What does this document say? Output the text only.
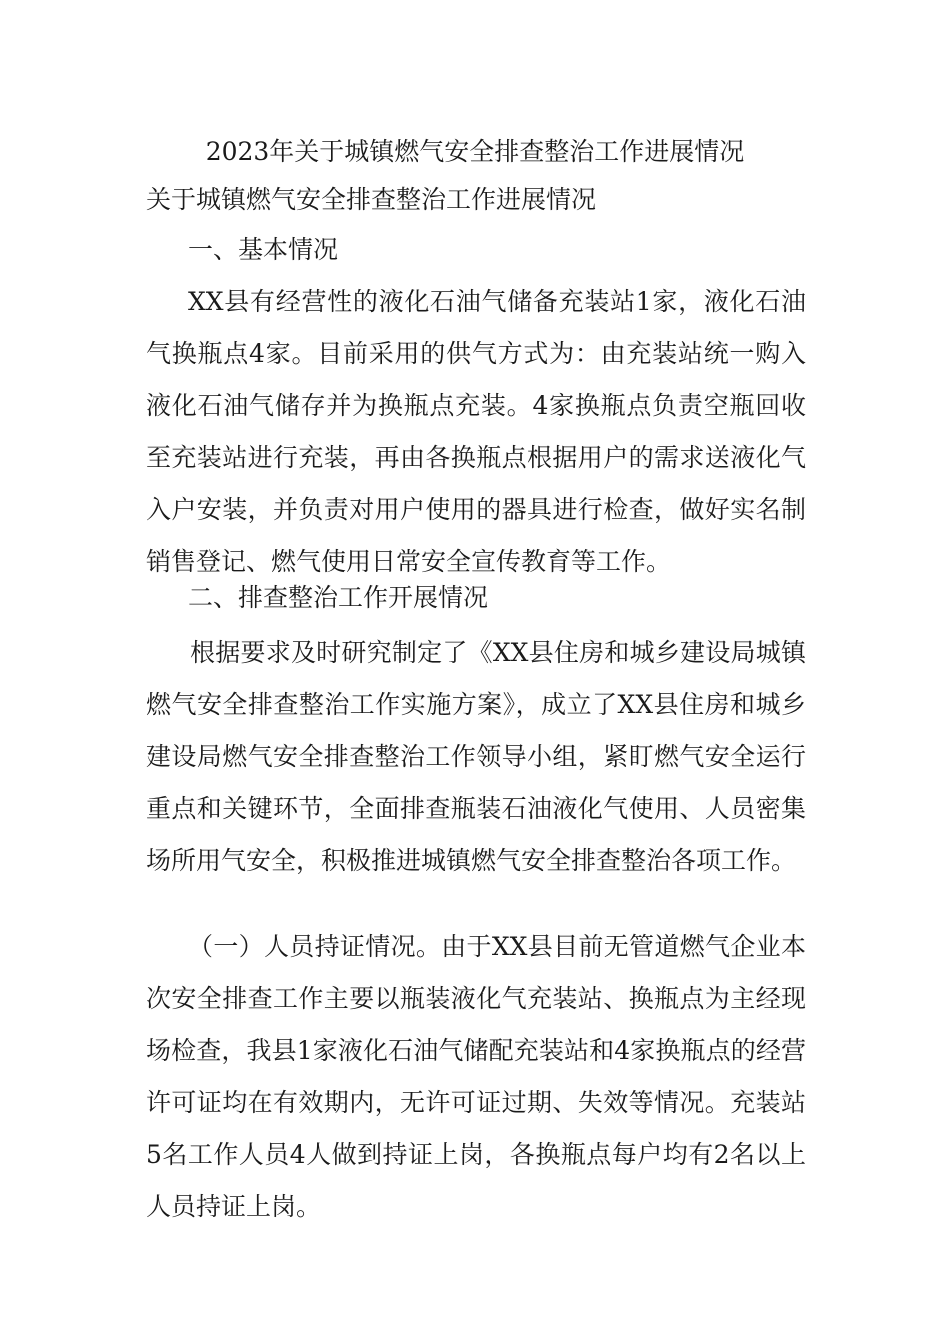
2023年关于城镇燃气安全排查整治工作进展情况
关于城镇燃气安全排查整治工作进展情况
一、基本情况

XX县有经营性的液化石油气储备充装站1家，液化石油气换瓶点4家。目前采用的供气方式为：由充装站统一购入液化石油气储存并为换瓶点充装。4家换瓶点负责空瓶回收至充装站进行充装，再由各换瓶点根据用户的需求送液化气入户安装，并负责对用户使用的器具进行检查，做好实名制销售登记、燃气使用日常安全宣传教育等工作。

二、排查整治工作开展情况

根据要求及时研究制定了《XX县住房和城乡建设局城镇燃气安全排查整治工作实施方案》，成立了XX县住房和城乡建设局燃气安全排查整治工作领导小组，紧盯燃气安全运行重点和关键环节，全面排查瓶装石油液化气使用、人员密集场所用气安全，积极推进城镇燃气安全排查整治各项工作。

（一）人员持证情况。由于XX县目前无管道燃气企业本次安全排查工作主要以瓶装液化气充装站、换瓶点为主经现场检查，我县1家液化石油气储配充装站和4家换瓶点的经营许可证均在有效期内，无许可证过期、失效等情况。充装站5名工作人员4人做到持证上岗，各换瓶点每户均有2名以上人员持证上岗。
